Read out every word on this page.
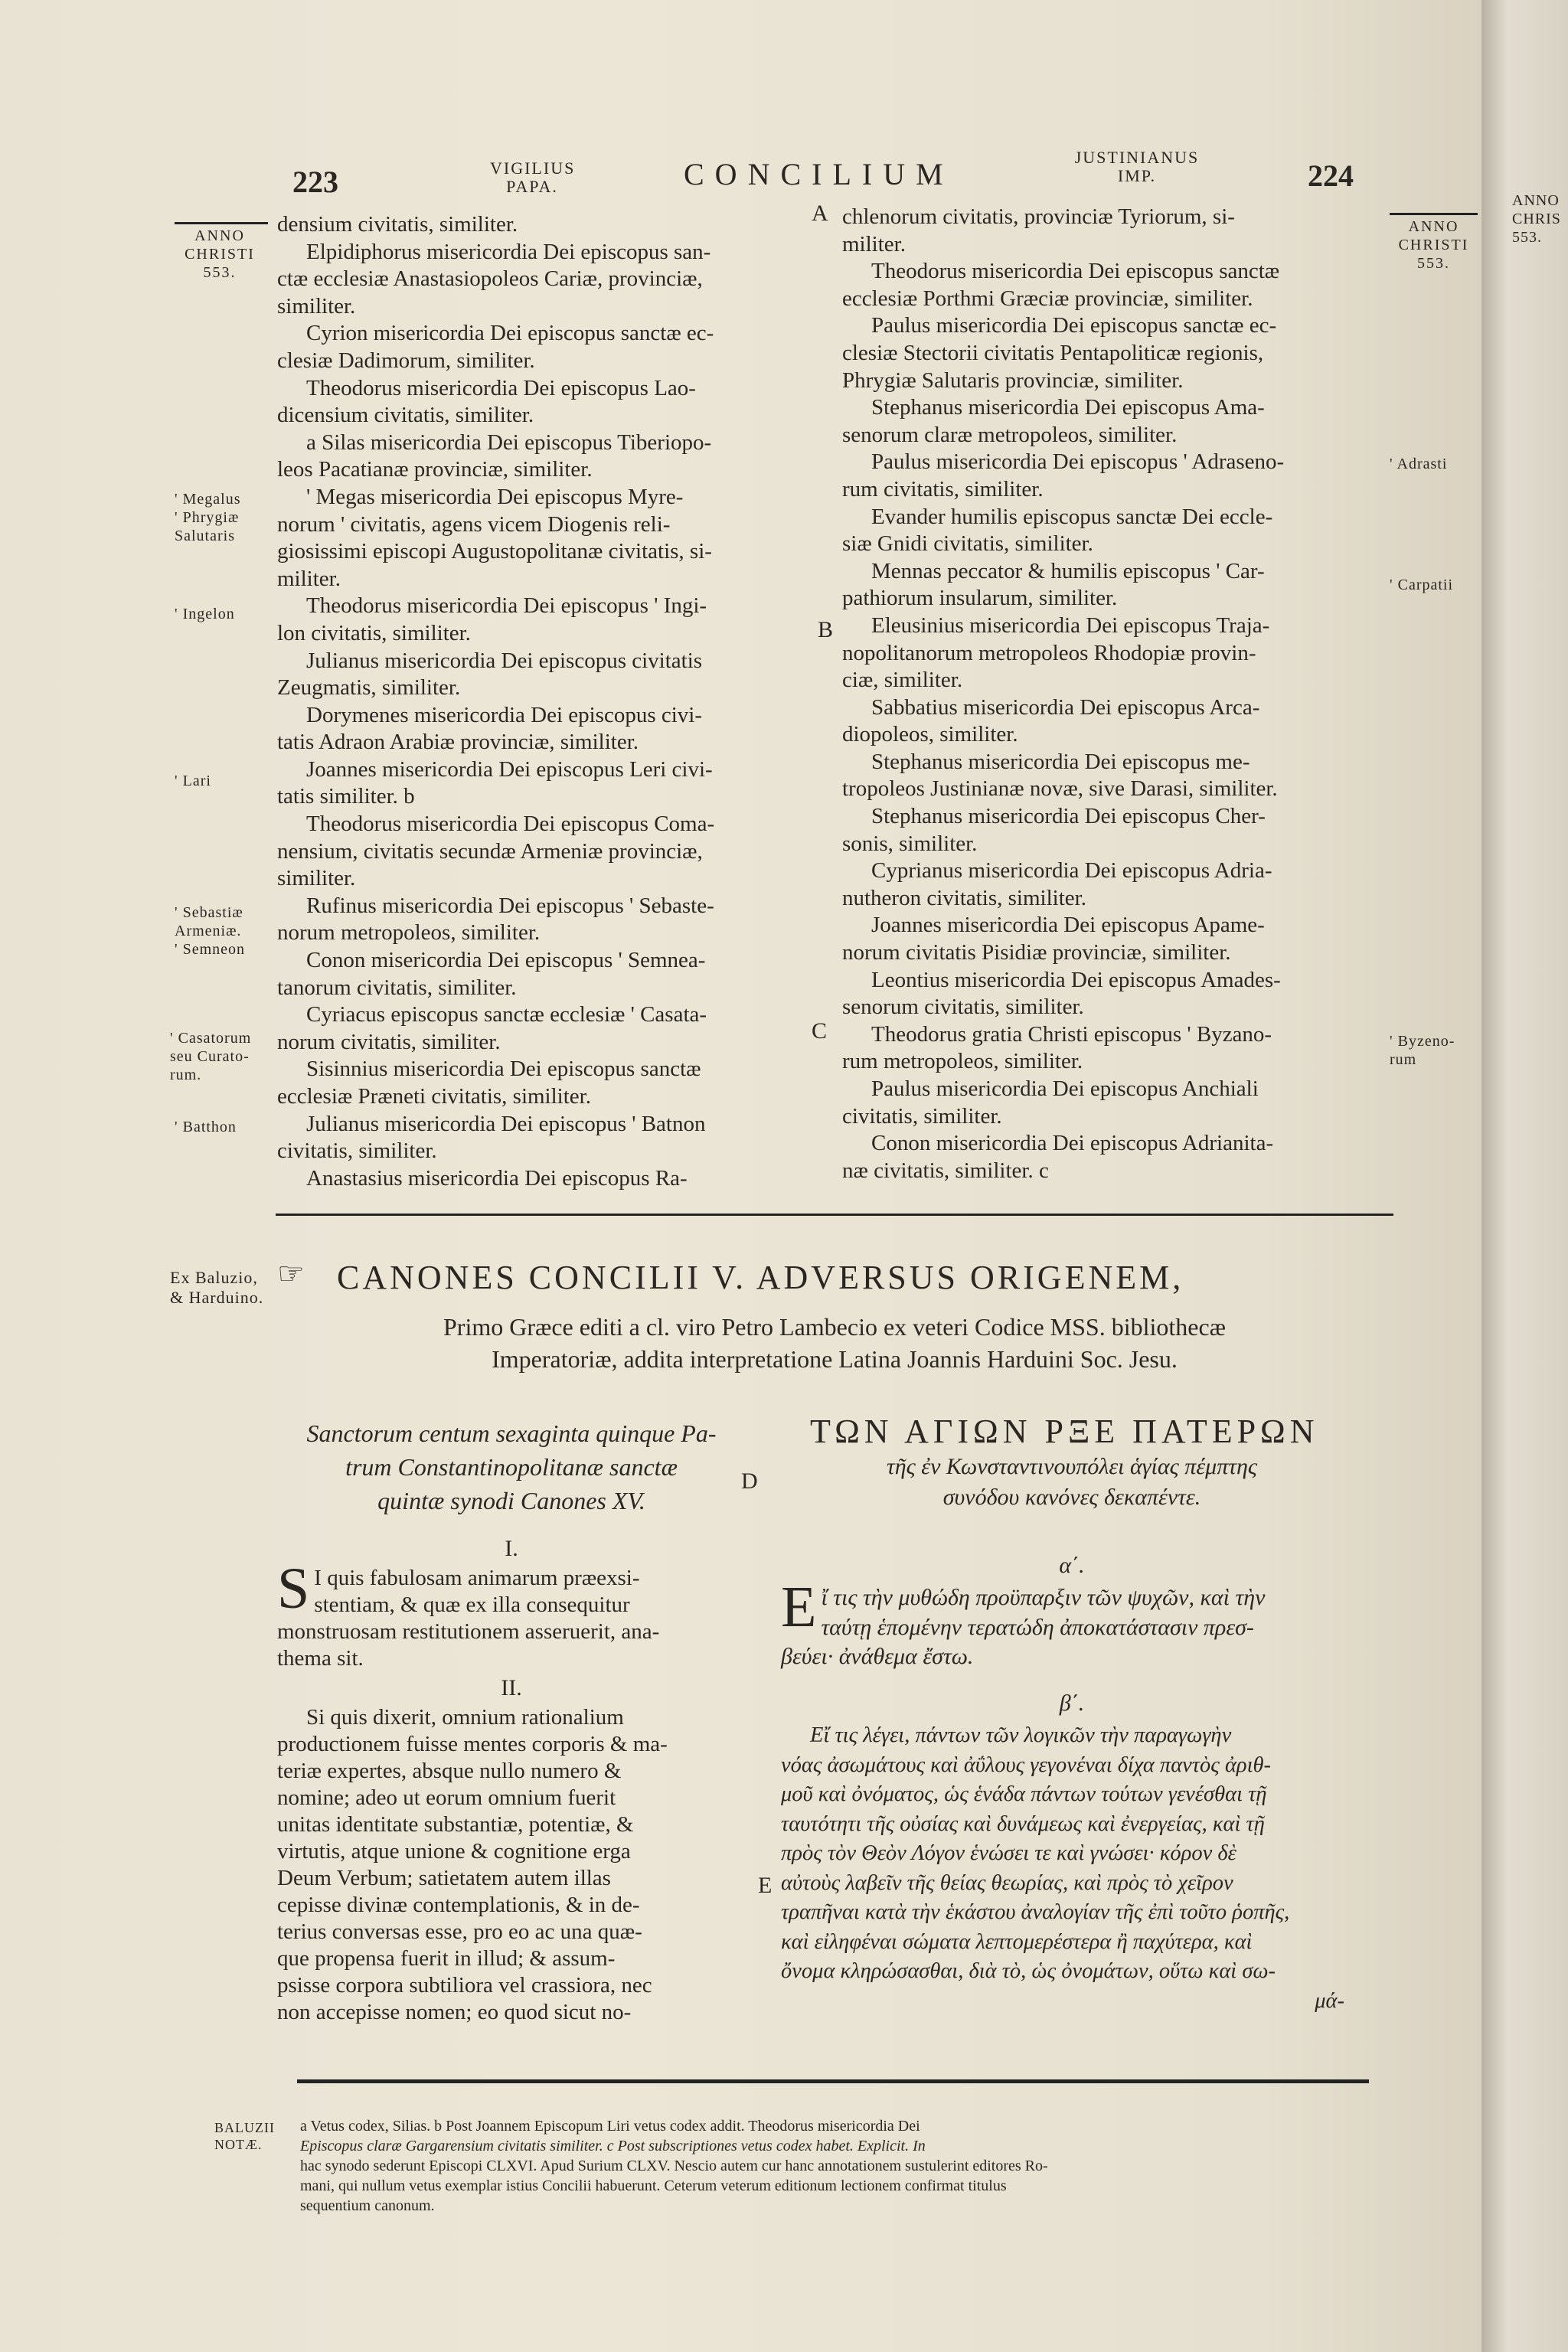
ANNO
CHRIS
553.
223	VIGILIUS
PAPA.	CONCILIUM	JUSTINIANUS
IMP.	224
ANNO
CHRISTI
553.
ANNO
CHRISTI
553.
' Megalus
' Phrygiæ
Salutaris
' Ingelon
' Lari
' Sebastiæ
Armeniæ.
' Semneon
' Casatorum
seu Curato-
rum.
' Batthon
' Adrasti
' Carpatii
' Byzeno-
rum
A
B
C
D
E

densium civitatis, similiter.

Elpidiphorus misericordia Dei episcopus san-

ctæ ecclesiæ Anastasiopoleos Cariæ, provinciæ,

similiter.

Cyrion misericordia Dei episcopus sanctæ ec-

clesiæ Dadimorum, similiter.

Theodorus misericordia Dei episcopus Lao-

dicensium civitatis, similiter.

a Silas misericordia Dei episcopus Tiberiopo-

leos Pacatianæ provinciæ, similiter.

' Megas misericordia Dei episcopus Myre-

norum ' civitatis, agens vicem Diogenis reli-

giosissimi episcopi Augustopolitanæ civitatis, si-

militer.

Theodorus misericordia Dei episcopus ' Ingi-

lon civitatis, similiter.

Julianus misericordia Dei episcopus civitatis

Zeugmatis, similiter.

Dorymenes misericordia Dei episcopus civi-

tatis Adraon Arabiæ provinciæ, similiter.

Joannes misericordia Dei episcopus Leri civi-

tatis similiter. b

Theodorus misericordia Dei episcopus Coma-

nensium, civitatis secundæ Armeniæ provinciæ,

similiter.

Rufinus misericordia Dei episcopus ' Sebaste-

norum metropoleos, similiter.

Conon misericordia Dei episcopus ' Semnea-

tanorum civitatis, similiter.

Cyriacus episcopus sanctæ ecclesiæ ' Casata-

norum civitatis, similiter.

Sisinnius misericordia Dei episcopus sanctæ

ecclesiæ Præneti civitatis, similiter.

Julianus misericordia Dei episcopus ' Batnon

civitatis, similiter.

Anastasius misericordia Dei episcopus Ra-

chlenorum civitatis, provinciæ Tyriorum, si-

militer.

Theodorus misericordia Dei episcopus sanctæ

ecclesiæ Porthmi Græciæ provinciæ, similiter.

Paulus misericordia Dei episcopus sanctæ ec-

clesiæ Stectorii civitatis Pentapoliticæ regionis,

Phrygiæ Salutaris provinciæ, similiter.

Stephanus misericordia Dei episcopus Ama-

senorum claræ metropoleos, similiter.

Paulus misericordia Dei episcopus ' Adraseno-

rum civitatis, similiter.

Evander humilis episcopus sanctæ Dei eccle-

siæ Gnidi civitatis, similiter.

Mennas peccator & humilis episcopus ' Car-

pathiorum insularum, similiter.

Eleusinius misericordia Dei episcopus Traja-

nopolitanorum metropoleos Rhodopiæ provin-

ciæ, similiter.

Sabbatius misericordia Dei episcopus Arca-

diopoleos, similiter.

Stephanus misericordia Dei episcopus me-

tropoleos Justinianæ novæ, sive Darasi, similiter.

Stephanus misericordia Dei episcopus Cher-

sonis, similiter.

Cyprianus misericordia Dei episcopus Adria-

nutheron civitatis, similiter.

Joannes misericordia Dei episcopus Apame-

norum civitatis Pisidiæ provinciæ, similiter.

Leontius misericordia Dei episcopus Amades-

senorum civitatis, similiter.

Theodorus gratia Christi episcopus ' Byzano-

rum metropoleos, similiter.

Paulus misericordia Dei episcopus Anchiali

civitatis, similiter.

Conon misericordia Dei episcopus Adrianita-

næ civitatis, similiter. c

Ex Baluzio,
& Harduino.
☞ CANONES CONCILII V. ADVERSUS ORIGENEM,
Primo Græce editi a cl. viro Petro Lambecio ex veteri Codice MSS. bibliothecæ
Imperatoriæ, addita interpretatione Latina Joannis Harduini Soc. Jesu.
Sanctorum centum sexaginta quinque Pa-
trum Constantinopolitanæ sanctæ
quintæ synodi Canones XV.
ΤΩΝ ΑΓΙΩΝ ΡΞΕ ΠΑΤΕΡΩΝ
τῆς ἐν Κωνσταντινουπόλει ἁγίας πέμπτης
συνόδου κανόνες δεκαπέντε.
I.
S I quis fabulosam animarum præexsi-
stentiam, & quæ ex illa consequitur
monstruosam restitutionem asseruerit, ana-
thema sit.
II.

Si quis dixerit, omnium rationalium

productionem fuisse mentes corporis & ma-

teriæ expertes, absque nullo numero &

nomine; adeo ut eorum omnium fuerit

unitas identitate substantiæ, potentiæ, &

virtutis, atque unione & cognitione erga

Deum Verbum; satietatem autem illas

cepisse divinæ contemplationis, & in de-

terius conversas esse, pro eo ac una quæ-

que propensa fuerit in illud; & assum-

psisse corpora subtiliora vel crassiora, nec

non accepisse nomen; eo quod sicut no-

α΄.
Ε ἴ τις τὴν μυθώδη προϋπαρξιν τῶν ψυχῶν, καὶ τὴν
ταύτῃ ἑπομένην τερατώδη ἀποκατάστασιν πρεσ-
βεύει· ἀνάθεμα ἔστω.
β΄.
Εἴ τις λέγει, πάντων τῶν λογικῶν τὴν παραγωγὴν
νόας ἀσωμάτους καὶ ἀΰλους γεγονέναι δίχα παντὸς ἀριθ-
μοῦ καὶ ὀνόματος, ὡς ἑνάδα πάντων τούτων γενέσθαι τῇ
ταυτότητι τῆς οὐσίας καὶ δυνάμεως καὶ ἐνεργείας, καὶ τῇ
πρὸς τὸν Θεὸν Λόγον ἑνώσει τε καὶ γνώσει· κόρον δὲ
αὐτοὺς λαβεῖν τῆς θείας θεωρίας, καὶ πρὸς τὸ χεῖρον
τραπῆναι κατὰ τὴν ἑκάστου ἀναλογίαν τῆς ἐπὶ τοῦτο ῥοπῆς,
καὶ εἰληφέναι σώματα λεπτομερέστερα ἢ παχύτερα, καὶ
ὄνομα κληρώσασθαι, διὰ τὸ, ὡς ὀνομάτων, οὕτω καὶ σω-
μά-
BALUZII
NOTÆ.
a Vetus codex, Silias. b Post Joannem Episcopum Liri vetus codex addit. Theodorus misericordia Dei
Episcopus claræ Gargarensium civitatis similiter. c Post subscriptiones vetus codex habet. Explicit. In
hac synodo sederunt Episcopi CLXVI. Apud Surium CLXV. Nescio autem cur hanc annotationem sustulerint editores Ro-
mani, qui nullum vetus exemplar istius Concilii habuerunt. Ceterum veterum editionum lectionem confirmat titulus
sequentium canonum.
